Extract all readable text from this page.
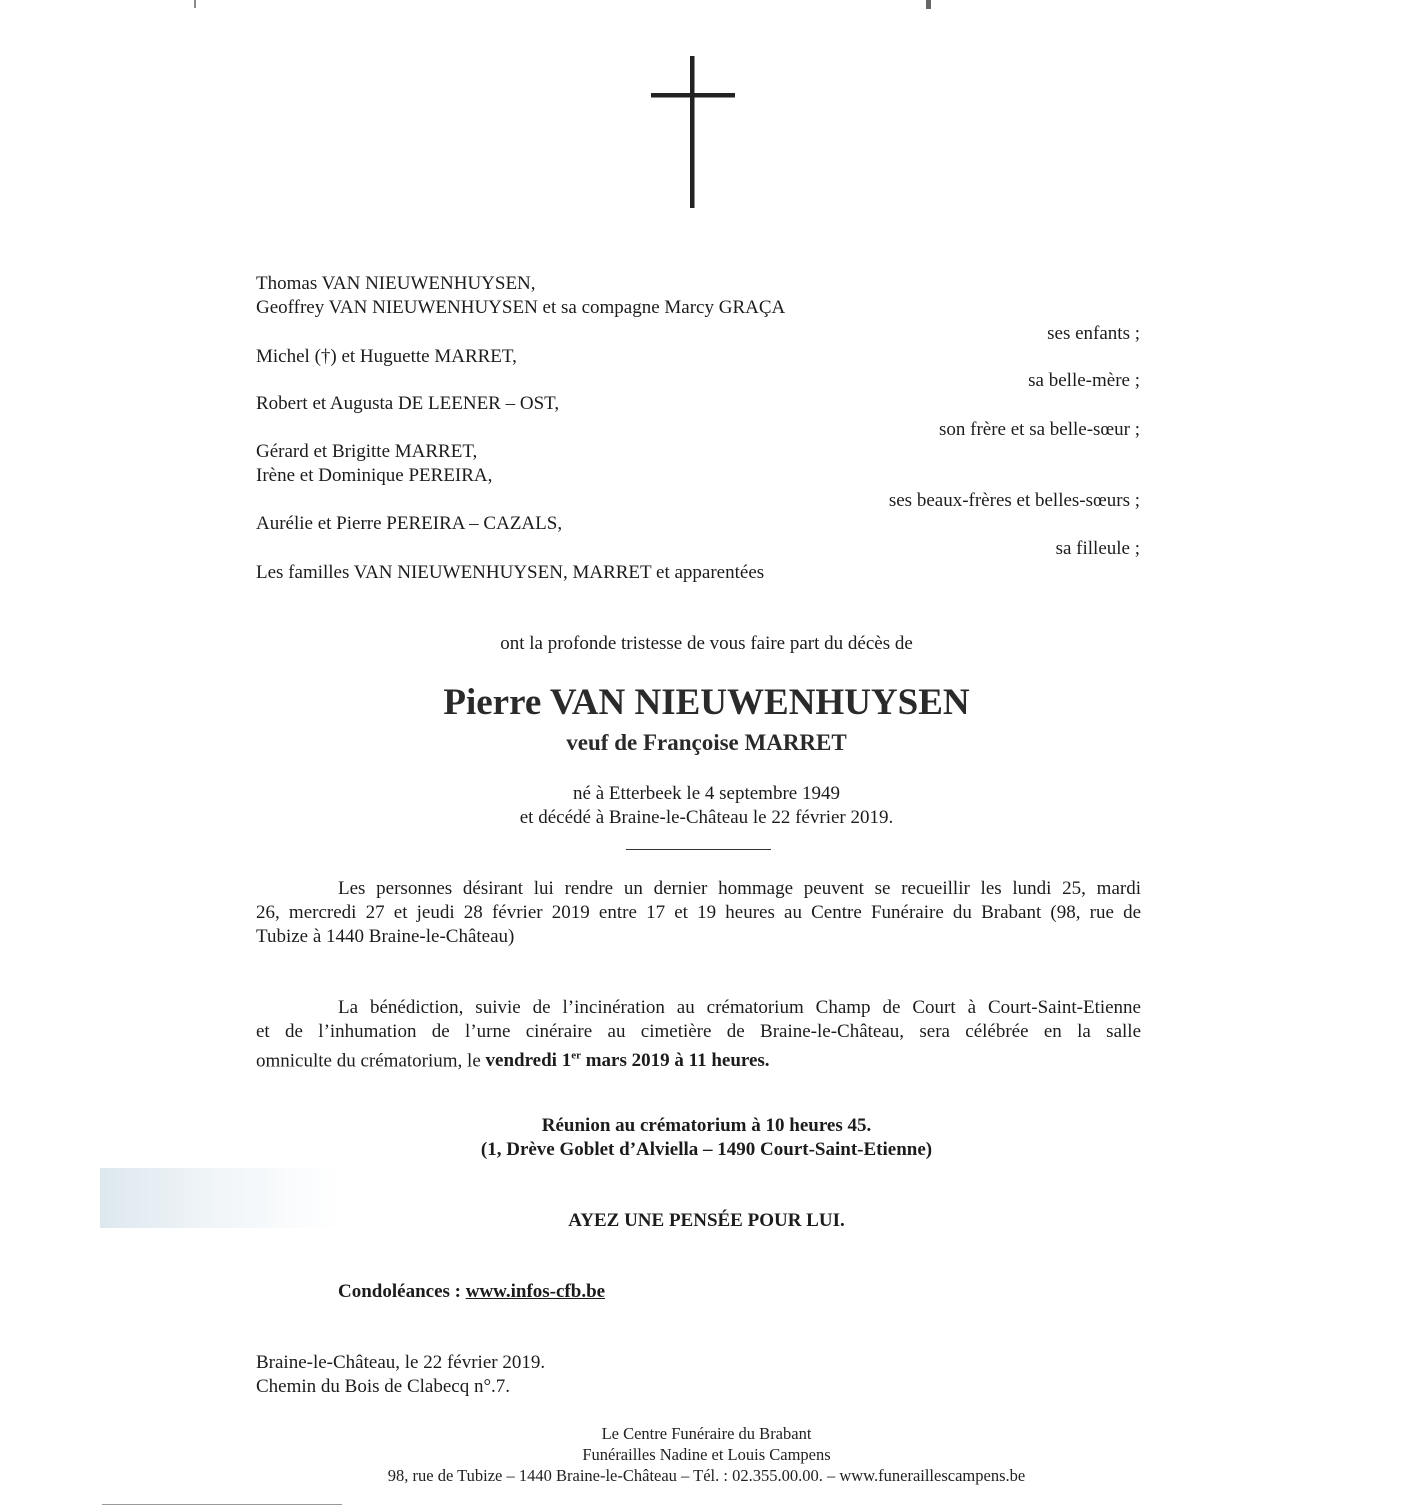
Thomas VAN NIEUWENHUYSEN,
Geoffrey VAN NIEUWENHUYSEN et sa compagne Marcy GRAÇA
ses enfants ;
Michel (†) et Huguette MARRET,
sa belle-mère ;
Robert et Augusta DE LEENER – OST,
son frère et sa belle-sœur ;
Gérard et Brigitte MARRET,
Irène et Dominique PEREIRA,
ses beaux-frères et belles-sœurs ;
Aurélie et Pierre PEREIRA – CAZALS,
sa filleule ;
Les familles VAN NIEUWENHUYSEN, MARRET et apparentées
ont la profonde tristesse de vous faire part du décès de
Pierre VAN NIEUWENHUYSEN
veuf de Françoise MARRET
né à Etterbeek le 4 septembre 1949
et décédé à Braine-le-Château le 22 février 2019.
Les personnes désirant lui rendre un dernier hommage peuvent se recueillir les lundi 25, mardi
26, mercredi 27 et jeudi 28 février 2019 entre 17 et 19 heures au Centre Funéraire du Brabant (98, rue de
Tubize à 1440 Braine-le-Château)
La bénédiction, suivie de l’incinération au crématorium Champ de Court à Court-Saint-Etienne
et de l’inhumation de l’urne cinéraire au cimetière de Braine-le-Château, sera célébrée en la salle
omniculte du crématorium, le vendredi 1er mars 2019 à 11 heures.
Réunion au crématorium à 10 heures 45.
(1, Drève Goblet d’Alviella – 1490 Court-Saint-Etienne)
AYEZ UNE PENSÉE POUR LUI.
Condoléances : www.infos-cfb.be
Braine-le-Château, le 22 février 2019.
Chemin du Bois de Clabecq n°.7.
Le Centre Funéraire du Brabant
Funérailles Nadine et Louis Campens
98, rue de Tubize – 1440 Braine-le-Château – Tél. : 02.355.00.00. – www.funeraillescampens.be
